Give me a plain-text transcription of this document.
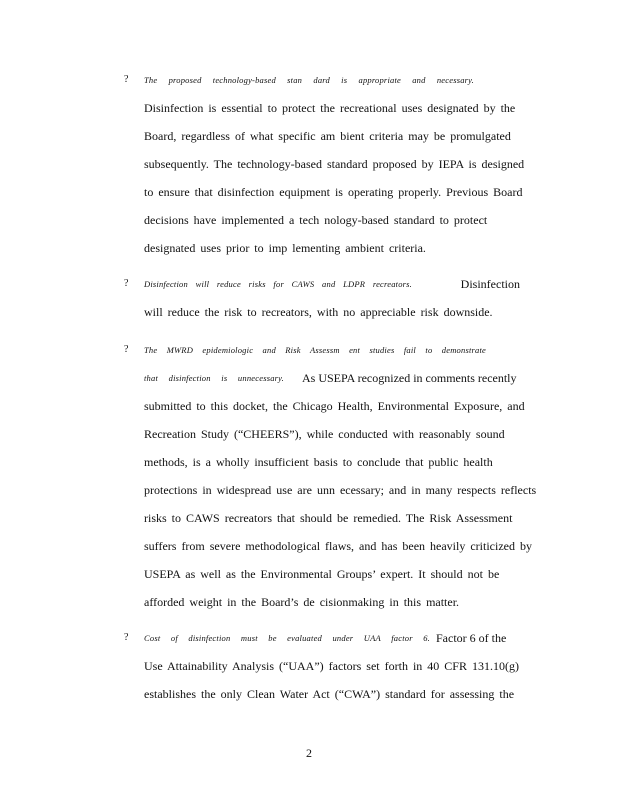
? The proposed technology-based stan dard is appropriate and necessary.
Disinfection is essential to protect the recreational uses designated by the
Board, regardless of what specific am bient criteria may be promulgated
subsequently. The technology-based standard proposed by IEPA is designed
to ensure that disinfection equipment is operating properly. Previous Board
decisions have implemented a tech nology-based standard to protect
designated uses prior to imp lementing ambient criteria.
? Disinfection will reduce risks for CAWS and LDPR recreators.	Disinfection
will reduce the risk to recreators, with no appreciable risk downside.
? The MWRD epidemiologic and Risk Assessm ent studies fail to demonstrate
that disinfection is unnecessary. As USEPA recognized in comments recently
submitted to this docket, the Chicago Health, Environmental Exposure, and
Recreation Study (“CHEERS”), while conducted with reasonably sound
methods, is a wholly insufficient basis to conclude that public health
protections in widespread use are unn ecessary; and in many respects reflects
risks to CAWS recreators that should be remedied. The Risk Assessment
suffers from severe methodological flaws, and has been heavily criticized by
USEPA as well as the Environmental Groups’ expert. It should not be
afforded weight in the Board’s de cisionmaking in this matter.
? Cost of disinfection must be evaluated under UAA factor 6. Factor 6 of the
Use Attainability Analysis (“UAA”) factors set forth in 40 CFR 131.10(g)
establishes the only Clean Water Act (“CWA”) standard for assessing the
2
